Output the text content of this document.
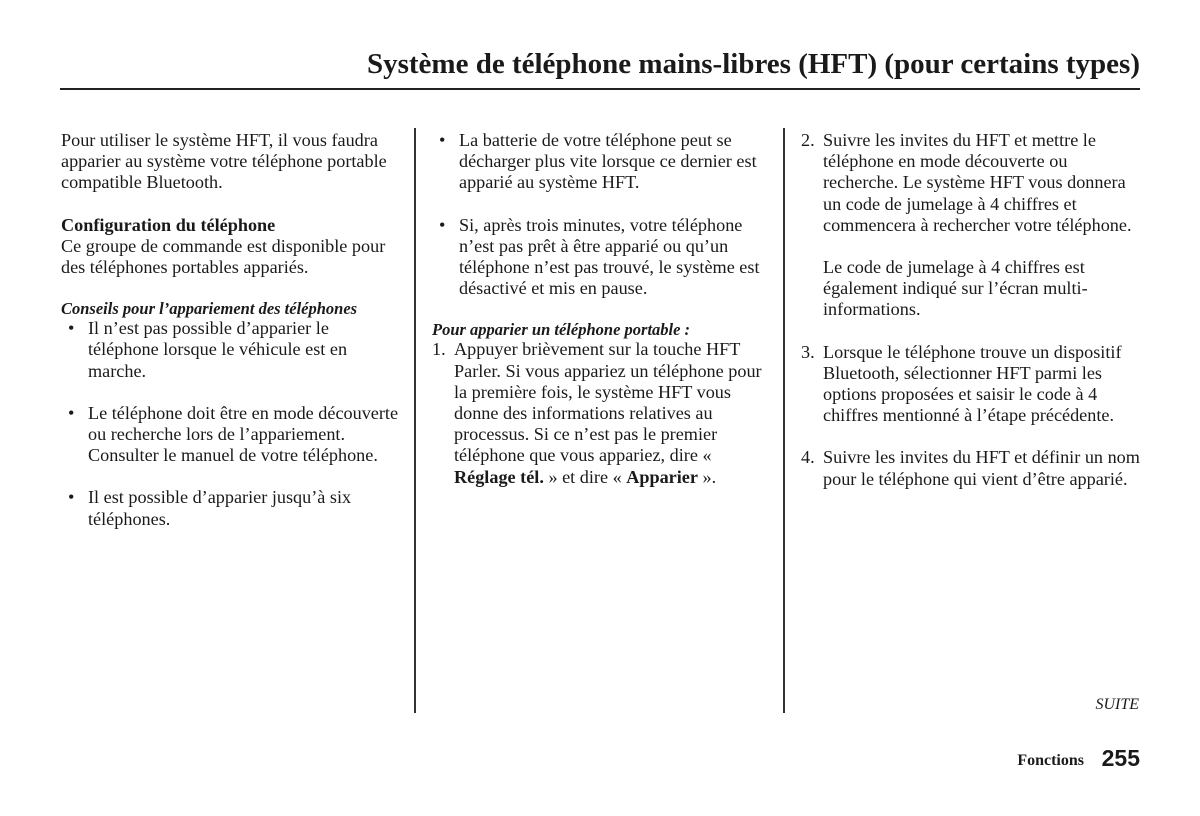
Système de téléphone mains-libres (HFT) (pour certains types)

Pour utiliser le système HFT, il vous faudra apparier au système votre téléphone portable compatible Bluetooth.

Configuration du téléphone

Ce groupe de commande est disponible pour des téléphones portables appariés.

Conseils pour l’appariement des téléphones

• Il n’est pas possible d’apparier le téléphone lorsque le véhicule est en marche.
• Le téléphone doit être en mode découverte ou recherche lors de l’appariement. Consulter le manuel de votre téléphone.
• Il est possible d’apparier jusqu’à six téléphones.
• La batterie de votre téléphone peut se décharger plus vite lorsque ce dernier est apparié au système HFT.
• Si, après trois minutes, votre téléphone n’est pas prêt à être apparié ou qu’un téléphone n’est pas trouvé, le système est désactivé et mis en pause.

Pour apparier un téléphone portable :

1. Appuyer brièvement sur la touche HFT Parler. Si vous appariez un téléphone pour la première fois, le système HFT vous donne des informations relatives au processus. Si ce n’est pas le premier téléphone que vous appariez, dire « Réglage tél. » et dire « Apparier ».
2. Suivre les invites du HFT et mettre le téléphone en mode découverte ou recherche. Le système HFT vous donnera un code de jumelage à 4 chiffres et commencera à rechercher votre téléphone.

Le code de jumelage à 4 chiffres est également indiqué sur l’écran multi-informations.

3. Lorsque le téléphone trouve un dispositif Bluetooth, sélectionner HFT parmi les options proposées et saisir le code à 4 chiffres mentionné à l’étape précédente.
4. Suivre les invites du HFT et définir un nom pour le téléphone qui vient d’être apparié.
SUITE
Fonctions 255
